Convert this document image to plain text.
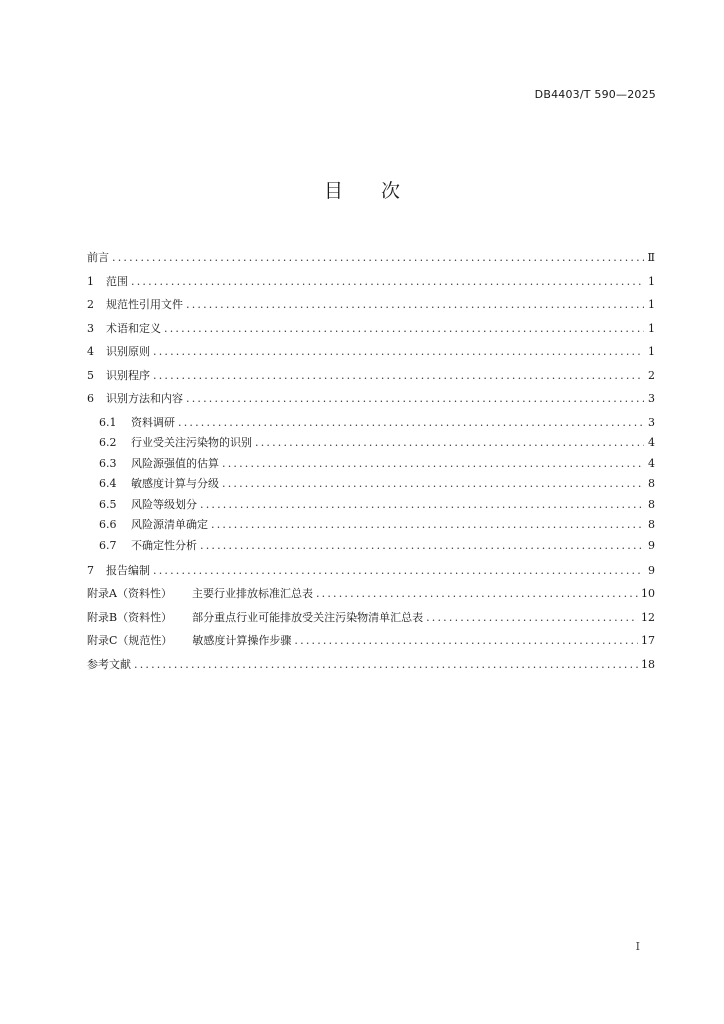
DB4403/T 590—2025
目 次
前言 .....	Ⅱ
1	范围 .....	1
2	规范性引用文件 .....	1
3	术语和定义 .....	1
4	识别原则 .....	1
5	识别程序 .....	2
6	识别方法和内容 .....	3
6.1	资料调研 .....	3
6.2	行业受关注污染物的识别 .....	4
6.3	风险源强值的估算 .....	4
6.4	敏感度计算与分级 .....	8
6.5	风险等级划分 .....	8
6.6	风险源清单确定 .....	8
6.7	不确定性分析 .....	9
7	报告编制 .....	9
附录A（资料性） 主要行业排放标准汇总表 .....	10
附录B（资料性） 部分重点行业可能排放受关注污染物清单汇总表 .....	12
附录C（规范性） 敏感度计算操作步骤 .....	17
参考文献 .....	18
I
